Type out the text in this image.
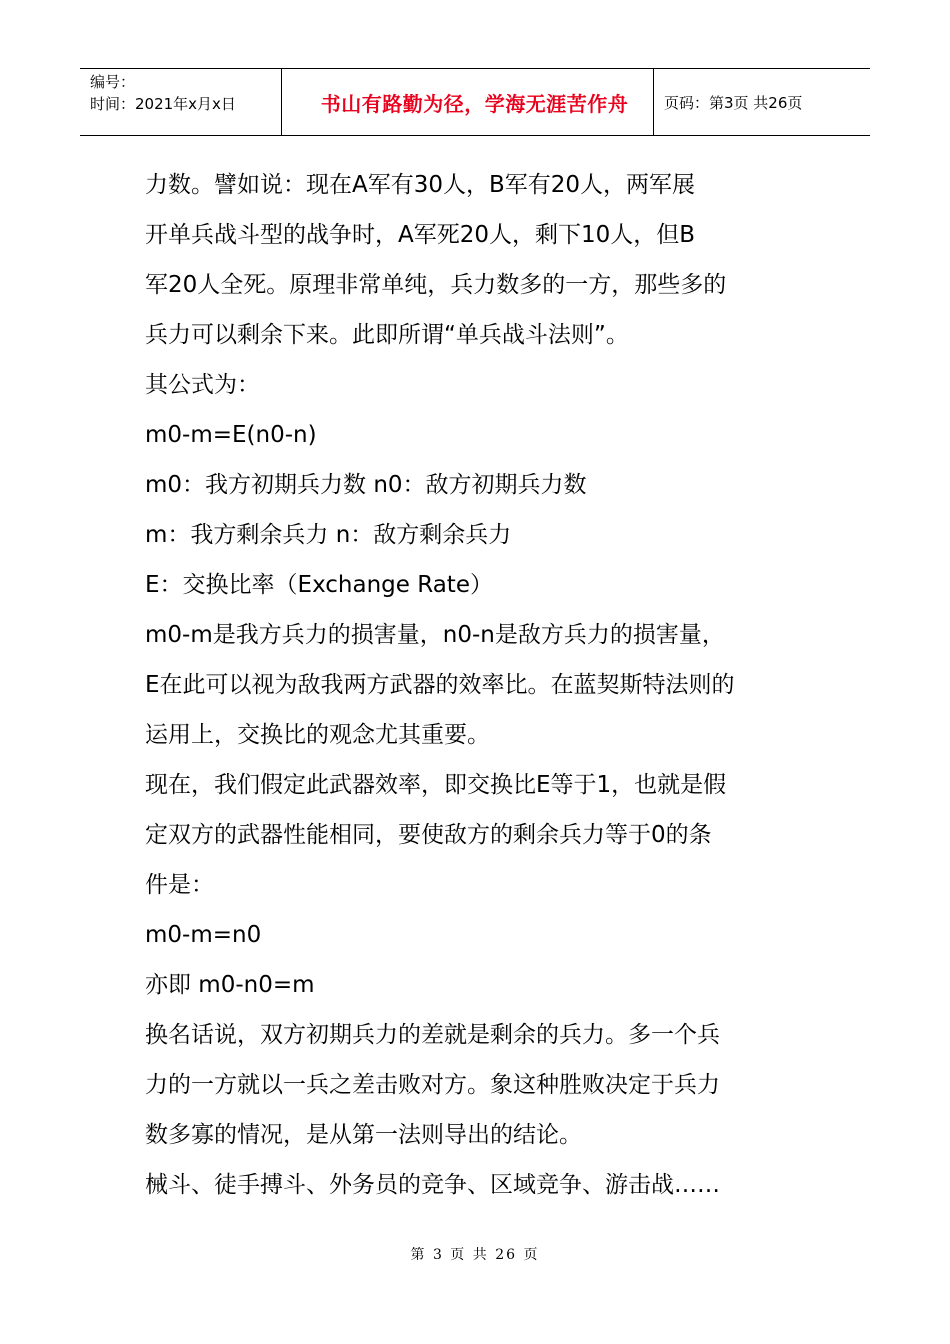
编号：
时间：2021年x月x日	书山有路勤为径，学海无涯苦作舟 页码：第3页 共26页
力数。譬如说：现在A军有30人，B军有20人，两军展
开单兵战斗型的战争时，A军死20人，剩下10人，但B
军20人全死。原理非常单纯，兵力数多的一方，那些多的
兵力可以剩余下来。此即所谓“单兵战斗法则”。
其公式为：
m0-m=E(n0-n)
m0：我方初期兵力数 n0：敌方初期兵力数
m：我方剩余兵力 n：敌方剩余兵力
E：交换比率（Exchange Rate）
m0-m是我方兵力的损害量，n0-n是敌方兵力的损害量，
E在此可以视为敌我两方武器的效率比。在蓝契斯特法则的
运用上，交换比的观念尤其重要。
现在，我们假定此武器效率，即交换比E等于1，也就是假
定双方的武器性能相同，要使敌方的剩余兵力等于0的条
件是：
m0-m=n0
亦即 m0-n0=m
换名话说，双方初期兵力的差就是剩余的兵力。多一个兵
力的一方就以一兵之差击败对方。象这种胜败决定于兵力
数多寡的情况，是从第一法则导出的结论。
械斗、徒手搏斗、外务员的竞争、区域竞争、游击战……
第 3 页 共 26 页
